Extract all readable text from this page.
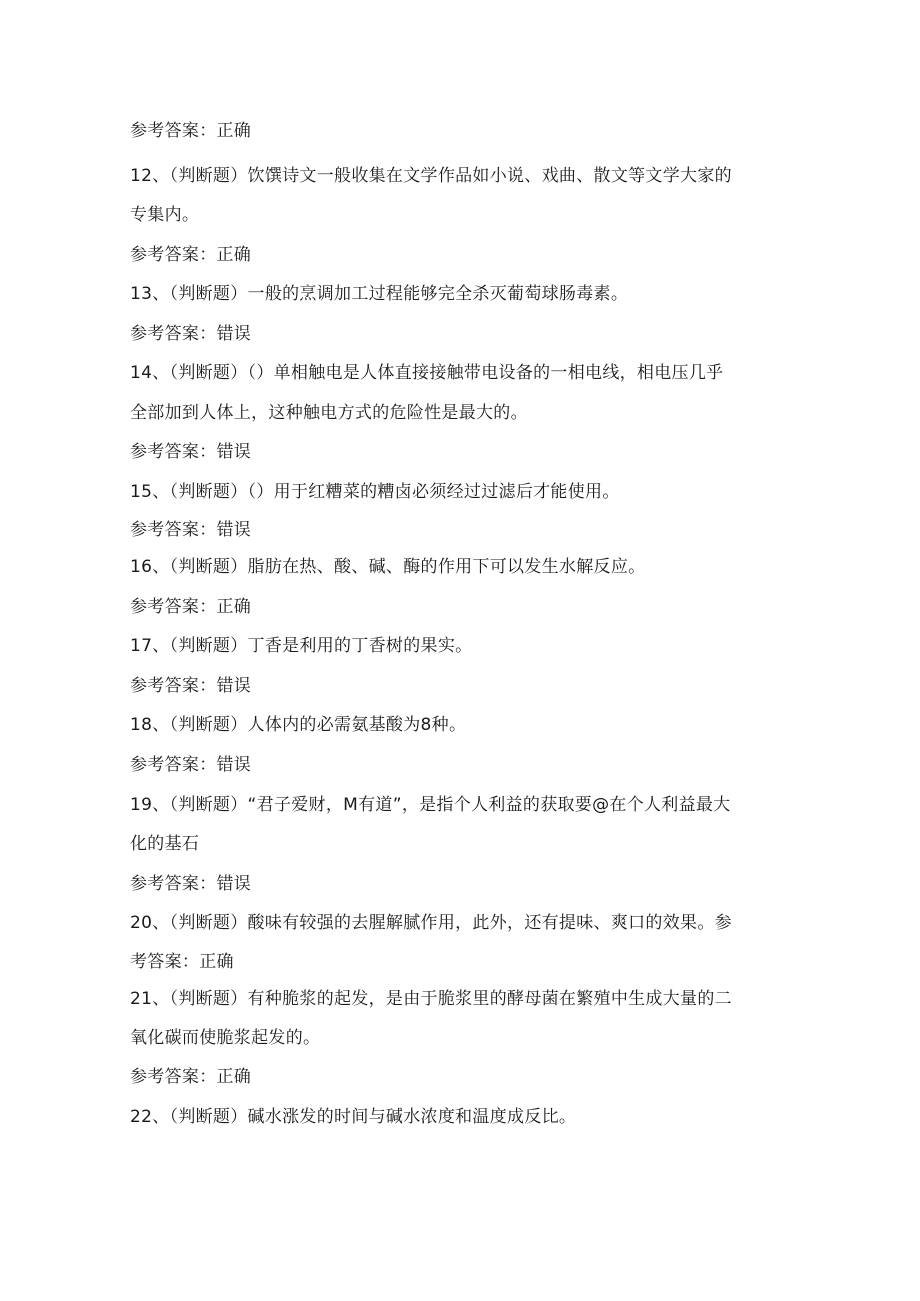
参考答案：正确
12、（判断题）饮馔诗文一般收集在文学作品如小说、戏曲、散文等文学大家的
专集内。
参考答案：正确
13、（判断题）一般的烹调加工过程能够完全杀灭葡萄球肠毒素。
参考答案：错误
14、（判断题）（）单相触电是人体直接接触带电设备的一相电线，相电压几乎
全部加到人体上，这种触电方式的危险性是最大的。
参考答案：错误
15、（判断题）（）用于红糟菜的糟卤必须经过过滤后才能使用。
参考答案：错误
16、（判断题）脂肪在热、酸、碱、酶的作用下可以发生水解反应。
参考答案：正确
17、（判断题）丁香是利用的丁香树的果实。
参考答案：错误
18、（判断题）人体内的必需氨基酸为8种。
参考答案：错误
19、（判断题）“君子爱财，M有道”，是指个人利益的获取要@在个人利益最大
化的基石
参考答案：错误
20、（判断题）酸味有较强的去腥解腻作用，此外，还有提味、爽口的效果。参
考答案：正确
21、（判断题）有种脆浆的起发，是由于脆浆里的酵母菌在繁殖中生成大量的二
氧化碳而使脆浆起发的。
参考答案：正确
22、（判断题）碱水涨发的时间与碱水浓度和温度成反比。
